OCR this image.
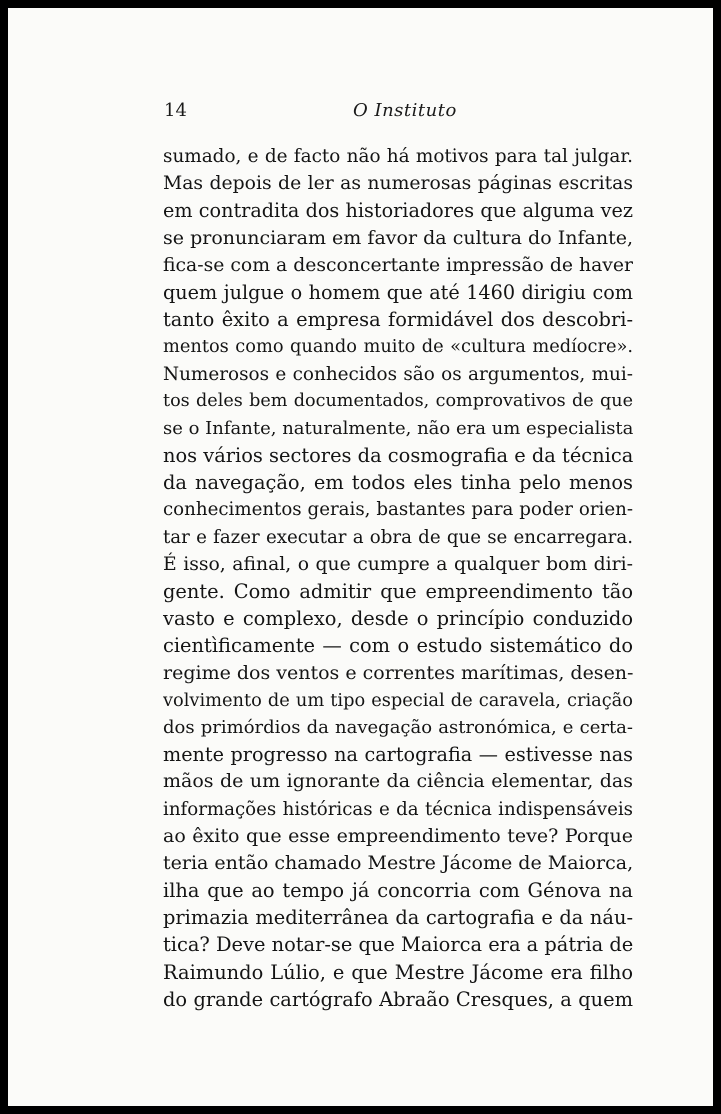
14	O Instituto
sumado, e de facto não há motivos para tal julgar.
Mas depois de ler as numerosas páginas escritas
em contradita dos historiadores que alguma vez
se pronunciaram em favor da cultura do Infante,
fica-se com a desconcertante impressão de haver
quem julgue o homem que até 1460 dirigiu com
tanto êxito a empresa formidável dos descobri-
mentos como quando muito de «cultura medíocre».
Numerosos e conhecidos são os argumentos, mui-
tos deles bem documentados, comprovativos de que
se o Infante, naturalmente, não era um especialista
nos vários sectores da cosmografia e da técnica
da navegação, em todos eles tinha pelo menos
conhecimentos gerais, bastantes para poder orien-
tar e fazer executar a obra de que se encarregara.
É isso, afinal, o que cumpre a qualquer bom diri-
gente. Como admitir que empreendimento tão
vasto e complexo, desde o princípio conduzido
cientìficamente — com o estudo sistemático do
regime dos ventos e correntes marítimas, desen-
volvimento de um tipo especial de caravela, criação
dos primórdios da navegação astronómica, e certa-
mente progresso na cartografia — estivesse nas
mãos de um ignorante da ciência elementar, das
informações históricas e da técnica indispensáveis
ao êxito que esse empreendimento teve? Porque
teria então chamado Mestre Jácome de Maiorca,
ilha que ao tempo já concorria com Génova na
primazia mediterrânea da cartografia e da náu-
tica? Deve notar-se que Maiorca era a pátria de
Raimundo Lúlio, e que Mestre Jácome era filho
do grande cartógrafo Abraão Cresques, a quem
